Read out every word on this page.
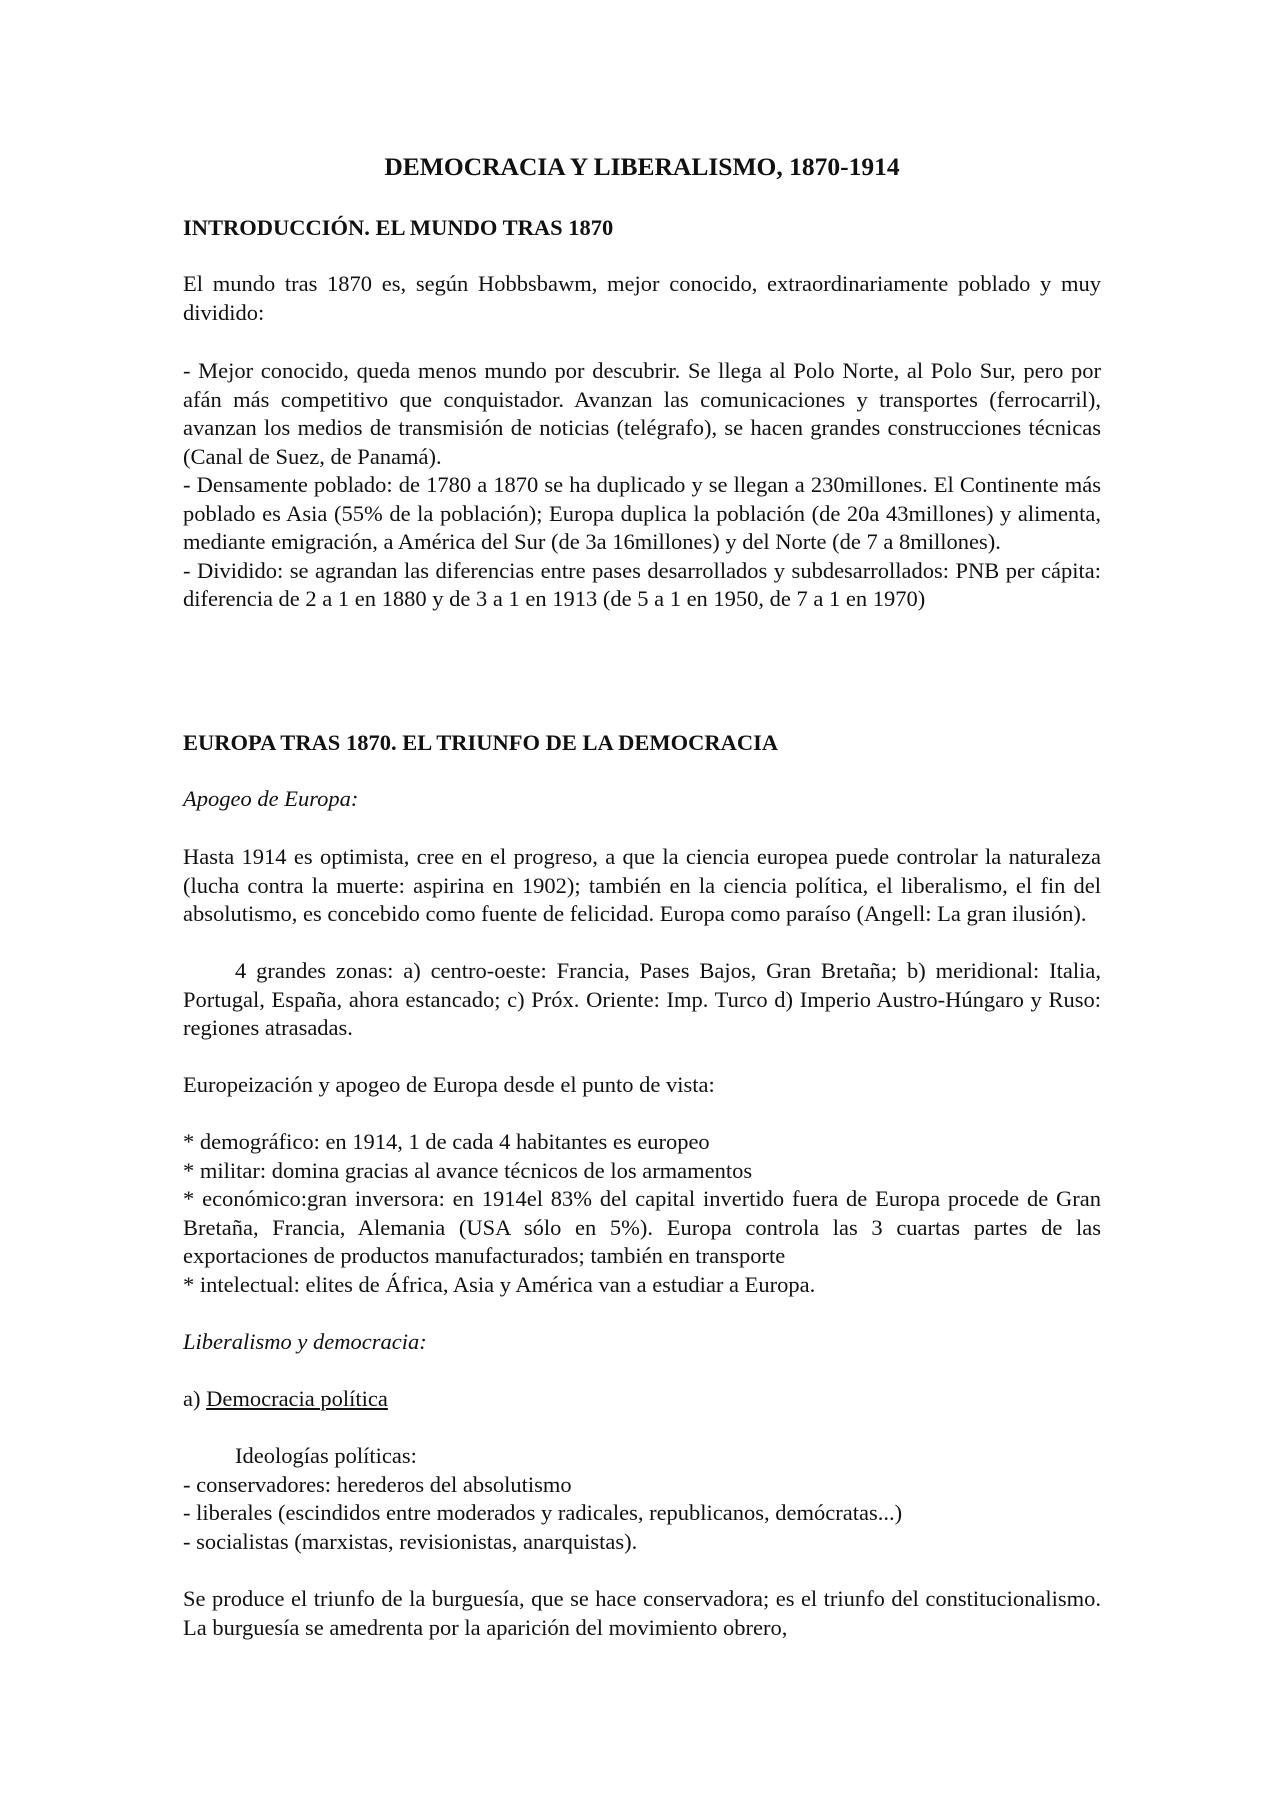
DEMOCRACIA Y LIBERALISMO, 1870-1914

INTRODUCCIÓN. EL MUNDO TRAS 1870

El mundo tras 1870 es, según Hobbsbawm, mejor conocido, extraordinariamente poblado y muy dividido:

- Mejor conocido, queda menos mundo por descubrir. Se llega al Polo Norte, al Polo Sur, pero por afán más competitivo que conquistador. Avanzan las comunicaciones y transportes (ferrocarril), avanzan los medios de transmisión de noticias (telégrafo), se hacen grandes construcciones técnicas (Canal de Suez, de Panamá).

- Densamente poblado: de 1780 a 1870 se ha duplicado y se llegan a 230millones. El Continente más poblado es Asia (55% de la población); Europa duplica la población (de 20a 43millones) y alimenta, mediante emigración, a América del Sur (de 3a 16millones) y del Norte (de 7 a 8millones).

- Dividido: se agrandan las diferencias entre pases desarrollados y subdesarrollados: PNB per cápita: diferencia de 2 a 1 en 1880 y de 3 a 1 en 1913 (de 5 a 1 en 1950, de 7 a 1 en 1970)

EUROPA TRAS 1870. EL TRIUNFO DE LA DEMOCRACIA

Apogeo de Europa:

Hasta 1914 es optimista, cree en el progreso, a que la ciencia europea puede controlar la naturaleza (lucha contra la muerte: aspirina en 1902); también en la ciencia política, el liberalismo, el fin del absolutismo, es concebido como fuente de felicidad. Europa como paraíso (Angell: La gran ilusión).

4 grandes zonas: a) centro-oeste: Francia, Pases Bajos, Gran Bretaña; b) meridional: Italia, Portugal, España, ahora estancado; c) Próx. Oriente: Imp. Turco d) Imperio Austro-Húngaro y Ruso: regiones atrasadas.

Europeización y apogeo de Europa desde el punto de vista:

* demográfico: en 1914, 1 de cada 4 habitantes es europeo

* militar: domina gracias al avance técnicos de los armamentos

* económico:gran inversora: en 1914el 83% del capital invertido fuera de Europa procede de Gran Bretaña, Francia, Alemania (USA sólo en 5%). Europa controla las 3 cuartas partes de las exportaciones de productos manufacturados; también en transporte

* intelectual: elites de África, Asia y América van a estudiar a Europa.

Liberalismo y democracia:

a) Democracia política

Ideologías políticas:
- conservadores: herederos del absolutismo
- liberales (escindidos entre moderados y radicales, republicanos, demócratas...)
- socialistas (marxistas, revisionistas, anarquistas).

Se produce el triunfo de la burguesía, que se hace conservadora; es el triunfo del constitucionalismo. La burguesía se amedrenta por la aparición del movimiento obrero,
